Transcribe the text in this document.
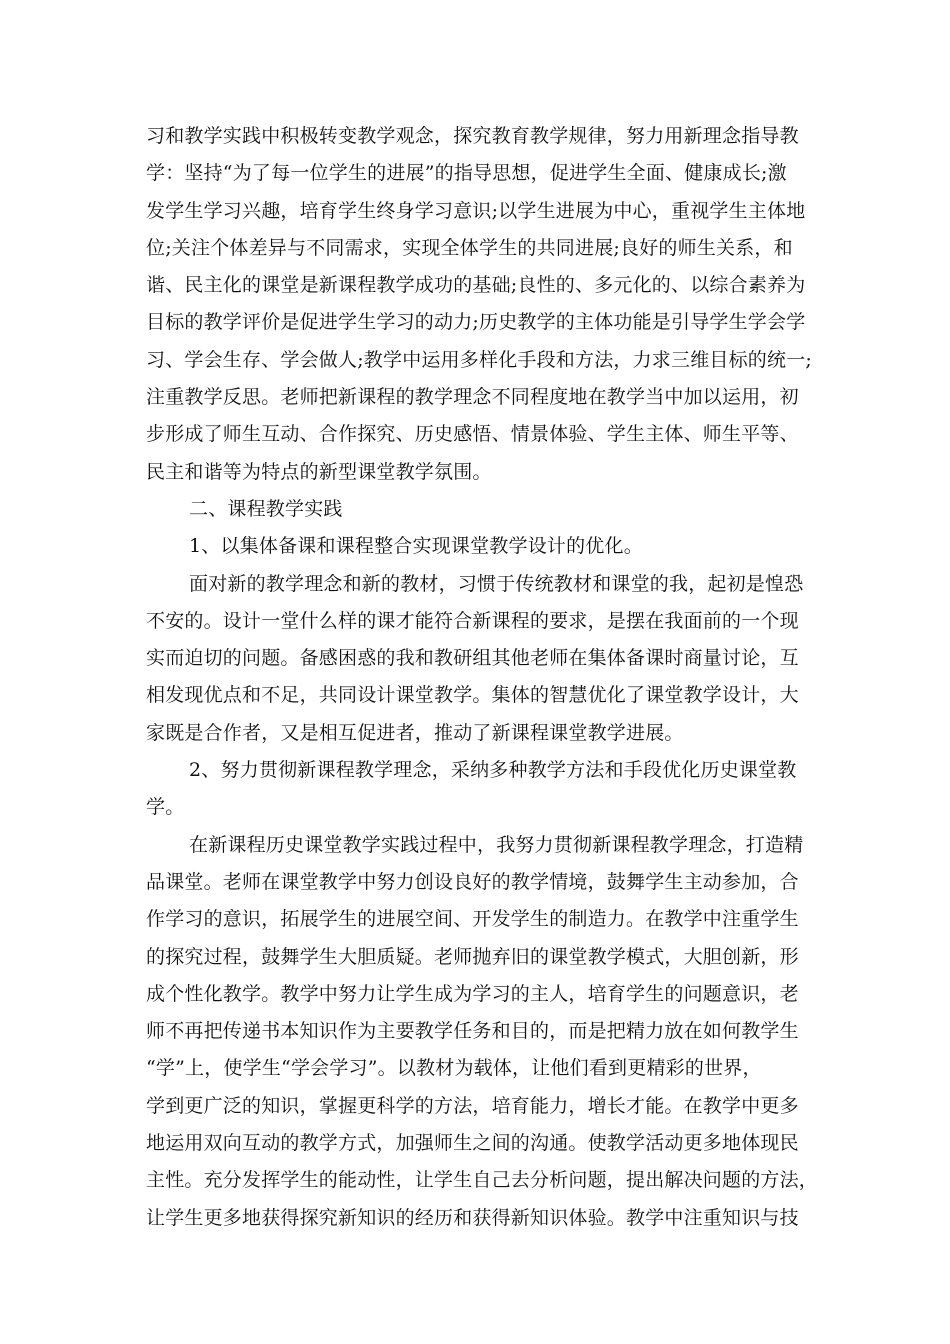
习和教学实践中积极转变教学观念，探究教育教学规律，努力用新理念指导教
学：坚持“为了每一位学生的进展”的指导思想，促进学生全面、健康成长;激
发学生学习兴趣，培育学生终身学习意识;以学生进展为中心，重视学生主体地
位;关注个体差异与不同需求，实现全体学生的共同进展;良好的师生关系，和
谐、民主化的课堂是新课程教学成功的基础;良性的、多元化的、以综合素养为
目标的教学评价是促进学生学习的动力;历史教学的主体功能是引导学生学会学
习、学会生存、学会做人;教学中运用多样化手段和方法，力求三维目标的统一;
注重教学反思。老师把新课程的教学理念不同程度地在教学当中加以运用，初
步形成了师生互动、合作探究、历史感悟、情景体验、学生主体、师生平等、
民主和谐等为特点的新型课堂教学氛围。
二、课程教学实践
1、以集体备课和课程整合实现课堂教学设计的优化。
面对新的教学理念和新的教材，习惯于传统教材和课堂的我，起初是惶恐
不安的。设计一堂什么样的课才能符合新课程的要求，是摆在我面前的一个现
实而迫切的问题。备感困惑的我和教研组其他老师在集体备课时商量讨论，互
相发现优点和不足，共同设计课堂教学。集体的智慧优化了课堂教学设计，大
家既是合作者，又是相互促进者，推动了新课程课堂教学进展。
2、努力贯彻新课程教学理念，采纳多种教学方法和手段优化历史课堂教
学。
在新课程历史课堂教学实践过程中，我努力贯彻新课程教学理念，打造精
品课堂。老师在课堂教学中努力创设良好的教学情境，鼓舞学生主动参加，合
作学习的意识，拓展学生的进展空间、开发学生的制造力。在教学中注重学生
的探究过程，鼓舞学生大胆质疑。老师抛弃旧的课堂教学模式，大胆创新，形
成个性化教学。教学中努力让学生成为学习的主人，培育学生的问题意识，老
师不再把传递书本知识作为主要教学任务和目的，而是把精力放在如何教学生
“学”上，使学生“学会学习”。以教材为载体，让他们看到更精彩的世界，
学到更广泛的知识，掌握更科学的方法，培育能力，增长才能。在教学中更多
地运用双向互动的教学方式，加强师生之间的沟通。使教学活动更多地体现民
主性。充分发挥学生的能动性，让学生自己去分析问题，提出解决问题的方法，
让学生更多地获得探究新知识的经历和获得新知识体验。教学中注重知识与技
